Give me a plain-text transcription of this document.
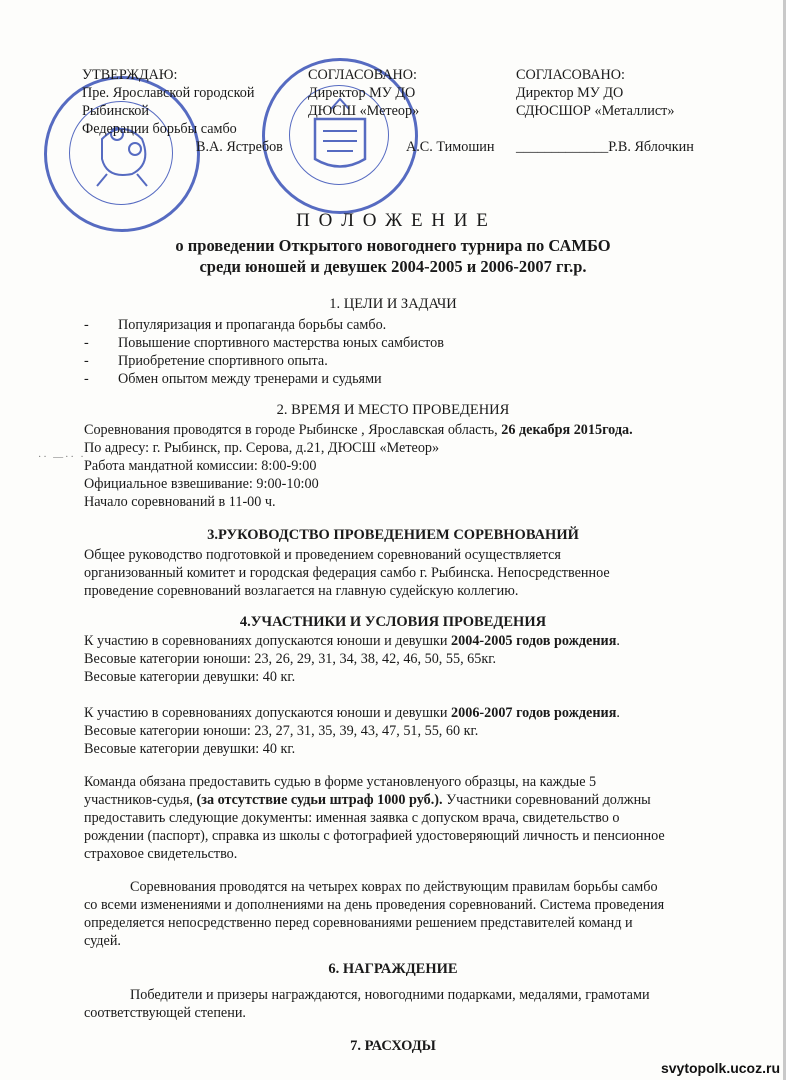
УТВЕРЖДАЮ:
Пре. Ярославской городской
Рыбинской
Федерации борьбы самбо
В.А. Ястребов
СОГЛАСОВАНО:
Директор МУ ДО
ДЮСШ «Метеор»
А.С. Тимошин
СОГЛАСОВАНО:
Директор МУ ДО
СДЮСШОР «Металлист»
_____________Р.В. Яблочкин
П О Л О Ж Е Н И Е
о проведении Открытого новогоднего турнира по САМБО
среди юношей и девушек 2004-2005 и 2006-2007 гг.р.
1. ЦЕЛИ И ЗАДАЧИ
- Популяризация и пропаганда борьбы самбо.
- Повышение спортивного мастерства юных самбистов
- Приобретение спортивного опыта.
- Обмен опытом между тренерами и судьями
2. ВРЕМЯ И МЕСТО ПРОВЕДЕНИЯ
Соревнования проводятся в городе Рыбинске , Ярославская область, 26 декабря 2015года.
По адресу: г. Рыбинск, пр. Серова, д.21, ДЮСШ «Метеор»
Работа мандатной комиссии: 8:00-9:00
Официальное взвешивание: 9:00-10:00
Начало соревнований в 11-00 ч.
·· —·· ·
3.РУКОВОДСТВО ПРОВЕДЕНИЕМ СОРЕВНОВАНИЙ
Общее руководство подготовкой и проведением соревнований осуществляется
организованный комитет и городская федерация самбо г. Рыбинска. Непосредственное
проведение соревнований возлагается на главную судейскую коллегию.
4.УЧАСТНИКИ И УСЛОВИЯ ПРОВЕДЕНИЯ
К участию в соревнованиях допускаются юноши и девушки 2004-2005 годов рождения.
Весовые категории юноши: 23, 26, 29, 31, 34, 38, 42, 46, 50, 55, 65кг.
Весовые категории девушки: 40 кг.
К участию в соревнованиях допускаются юноши и девушки 2006-2007 годов рождения.
Весовые категории юноши: 23, 27, 31, 35, 39, 43, 47, 51, 55, 60 кг.
Весовые категории девушки: 40 кг.
Команда обязана предоставить судью в форме установленуого образцы, на каждые 5
участников-судья, (за отсутствие судьи штраф 1000 руб.). Участники соревнований должны
предоставить следующие документы: именная заявка с допуском врача, свидетельство о
рождении (паспорт), справка из школы с фотографией удостоверяющий личность и пенсионное
страховое свидетельство.
Соревнования проводятся на четырех коврах по действующим правилам борьбы самбо
со всеми изменениями и дополнениями на день проведения соревнований. Система проведения
определяется непосредственно перед соревнованиями решением представителей команд и
судей.
6. НАГРАЖДЕНИЕ
Победители и призеры награждаются, новогодними подарками, медалями, грамотами
соответствующей степени.
7. РАСХОДЫ
svytopolk.ucoz.ru
